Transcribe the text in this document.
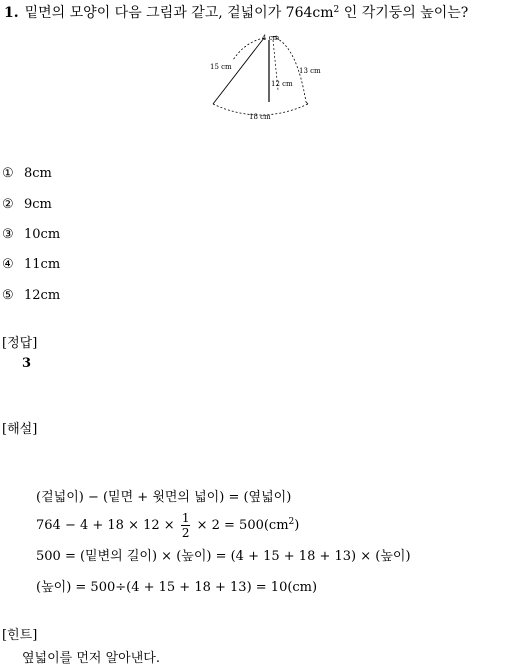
1. 밑면의 모양이 다음 그림과 같고, 겉넓이가 $764cm^2$ 인 각기둥의 높이는?
4 cm
15 cm	13 cm
12 cm
18 cm
① 8cm
② 9cm
③ 10cm
④ 11cm
⑤ 12cm
[정답]
3
[해설]
(겉넓이) − (밑면 + 윗면의 넓이) = (옆넓이)
$764 - 4 + 18 \times 12 \times \frac{1}{2} \times 2 = 500(cm^2)$
500 = (밑변의 길이) × (높이) = (4 + 15 + 18 + 13) × (높이)
(높이) = 500÷(4 + 15 + 18 + 13) = 10(cm)
[힌트]
옆넓이를 먼저 알아낸다.
